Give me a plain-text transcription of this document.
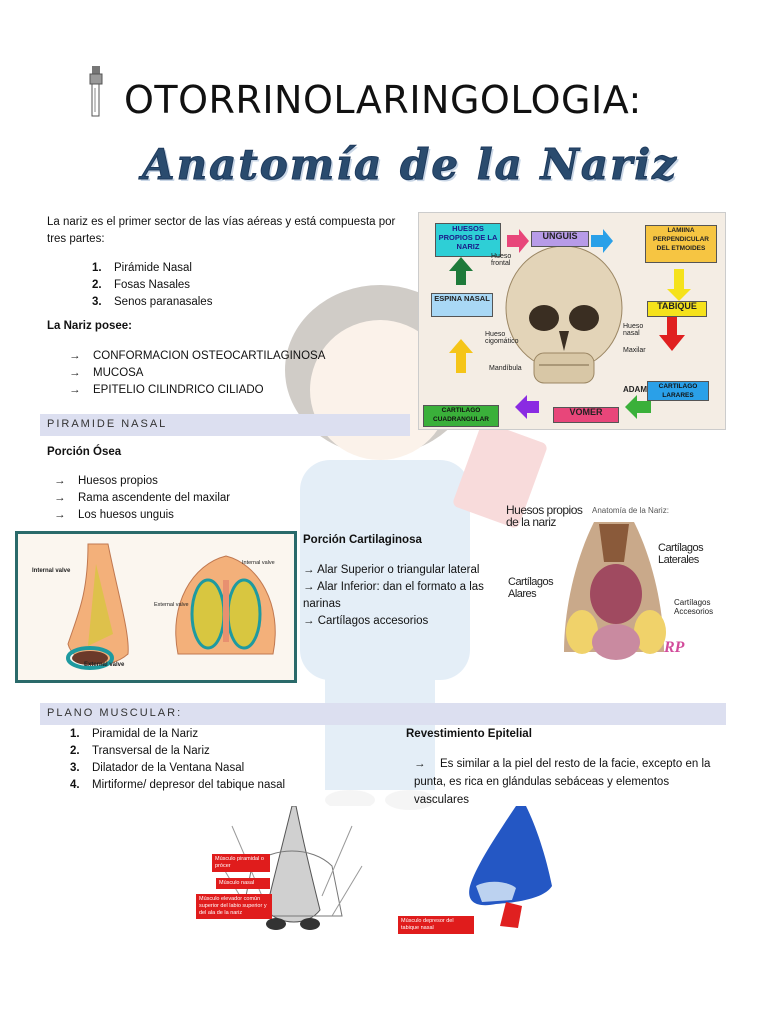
OTORRINOLARINGOLOGIA:
Anatomía de la Nariz
La nariz es el primer sector de las vías aéreas y está compuesta por tres partes:
1. Pirámide Nasal
2. Fosas Nasales
3. Senos paranasales
La Nariz posee:
→ CONFORMACION OSTEOCARTILAGINOSA
→ MUCOSA
→ EPITELIO CILINDRICO CILIADO
HUESOS PROPIOS DE LA NARIZ
UNGUIS
LAMIINA PERPENDICULAR DEL ETMOIDES
ESPINA NASAL
TABIQUE
CARTILAGO LARARES
VOMER
CARTILAGO CUADRANGULAR
Hueso frontal
Hueso cigomático
Hueso nasal
Maxilar
Mandíbula
ADAM
PIRAMIDE NASAL
Porción Ósea
→ Huesos propios
→ Rama ascendente del maxilar
→ Los huesos unguis
Internal valve
External valve
Internal valve
External valve
Porción Cartilaginosa
→ Alar Superior o triangular lateral
→ Alar Inferior: dan el formato a las narinas
→ Cartílagos accesorios
RP
Anatomía de la Nariz:
Huesos propios de la nariz
Cartílagos Laterales
Cartílagos Alares
Cartílagos Accesorios
PLANO MUSCULAR:
1. Piramidal de la Nariz
2. Transversal de la Nariz
3. Dilatador de la Ventana Nasal
4. Mirtiforme/ depresor del tabique nasal
Revestimiento Epitelial
→ Es similar a la piel del resto de la facie, excepto en la punta, es rica en glándulas sebáceas y elementos vasculares
Músculo piramidal o prócer
Músculo nasal
Músculo elevador común superior del labio superior y del ala de la nariz
Músculo depresor del tabique nasal
